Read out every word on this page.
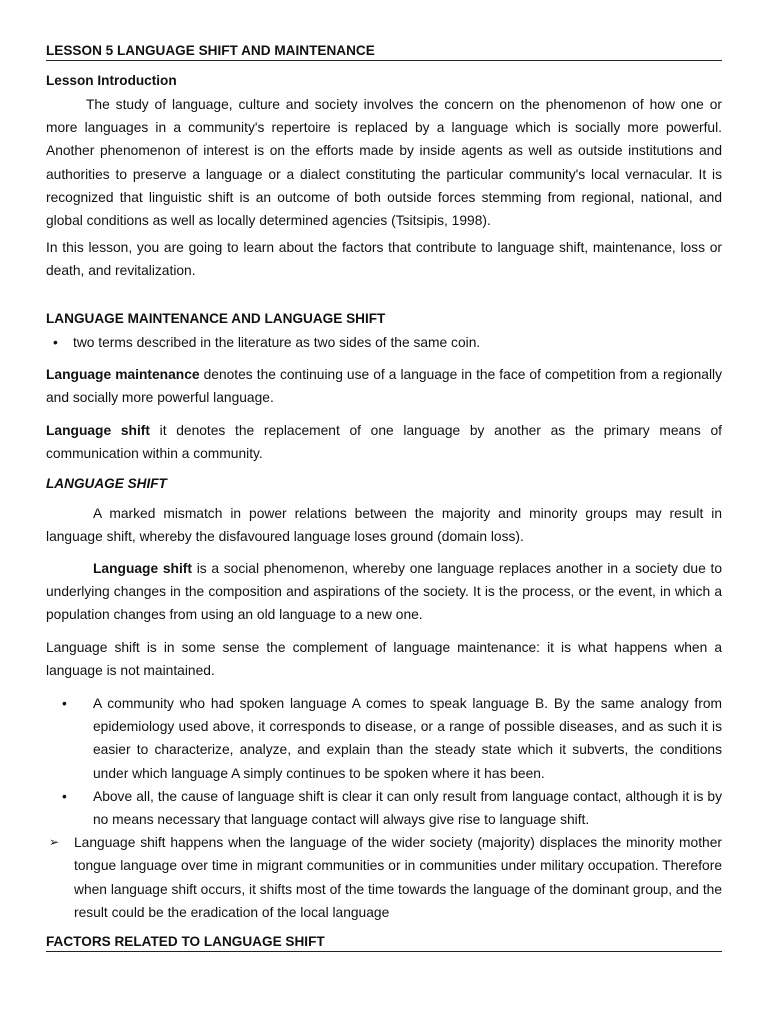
LESSON 5 LANGUAGE SHIFT AND MAINTENANCE
Lesson Introduction

The study of language, culture and society involves the concern on the phenomenon of how one or more languages in a community's repertoire is replaced by a language which is socially more powerful. Another phenomenon of interest is on the efforts made by inside agents as well as outside institutions and authorities to preserve a language or a dialect constituting the particular community's local vernacular. It is recognized that linguistic shift is an outcome of both outside forces stemming from regional, national, and global conditions as well as locally determined agencies (Tsitsipis, 1998).

In this lesson, you are going to learn about the factors that contribute to language shift, maintenance, loss or death, and revitalization.

LANGUAGE MAINTENANCE AND LANGUAGE SHIFT
• two terms described in the literature as two sides of the same coin.

Language maintenance denotes the continuing use of a language in the face of competition from a regionally and socially more powerful language.

Language shift it denotes the replacement of one language by another as the primary means of communication within a community.

LANGUAGE SHIFT

A marked mismatch in power relations between the majority and minority groups may result in language shift, whereby the disfavoured language loses ground (domain loss).

Language shift is a social phenomenon, whereby one language replaces another in a society due to underlying changes in the composition and aspirations of the society. It is the process, or the event, in which a population changes from using an old language to a new one.

Language shift is in some sense the complement of language maintenance: it is what happens when a language is not maintained.

• A community who had spoken language A comes to speak language B. By the same analogy from epidemiology used above, it corresponds to disease, or a range of possible diseases, and as such it is easier to characterize, analyze, and explain than the steady state which it subverts, the conditions under which language A simply continues to be spoken where it has been.
• Above all, the cause of language shift is clear it can only result from language contact, although it is by no means necessary that language contact will always give rise to language shift.
➢ Language shift happens when the language of the wider society (majority) displaces the minority mother tongue language over time in migrant communities or in communities under military occupation. Therefore when language shift occurs, it shifts most of the time towards the language of the dominant group, and the result could be the eradication of the local language
FACTORS RELATED TO LANGUAGE SHIFT
